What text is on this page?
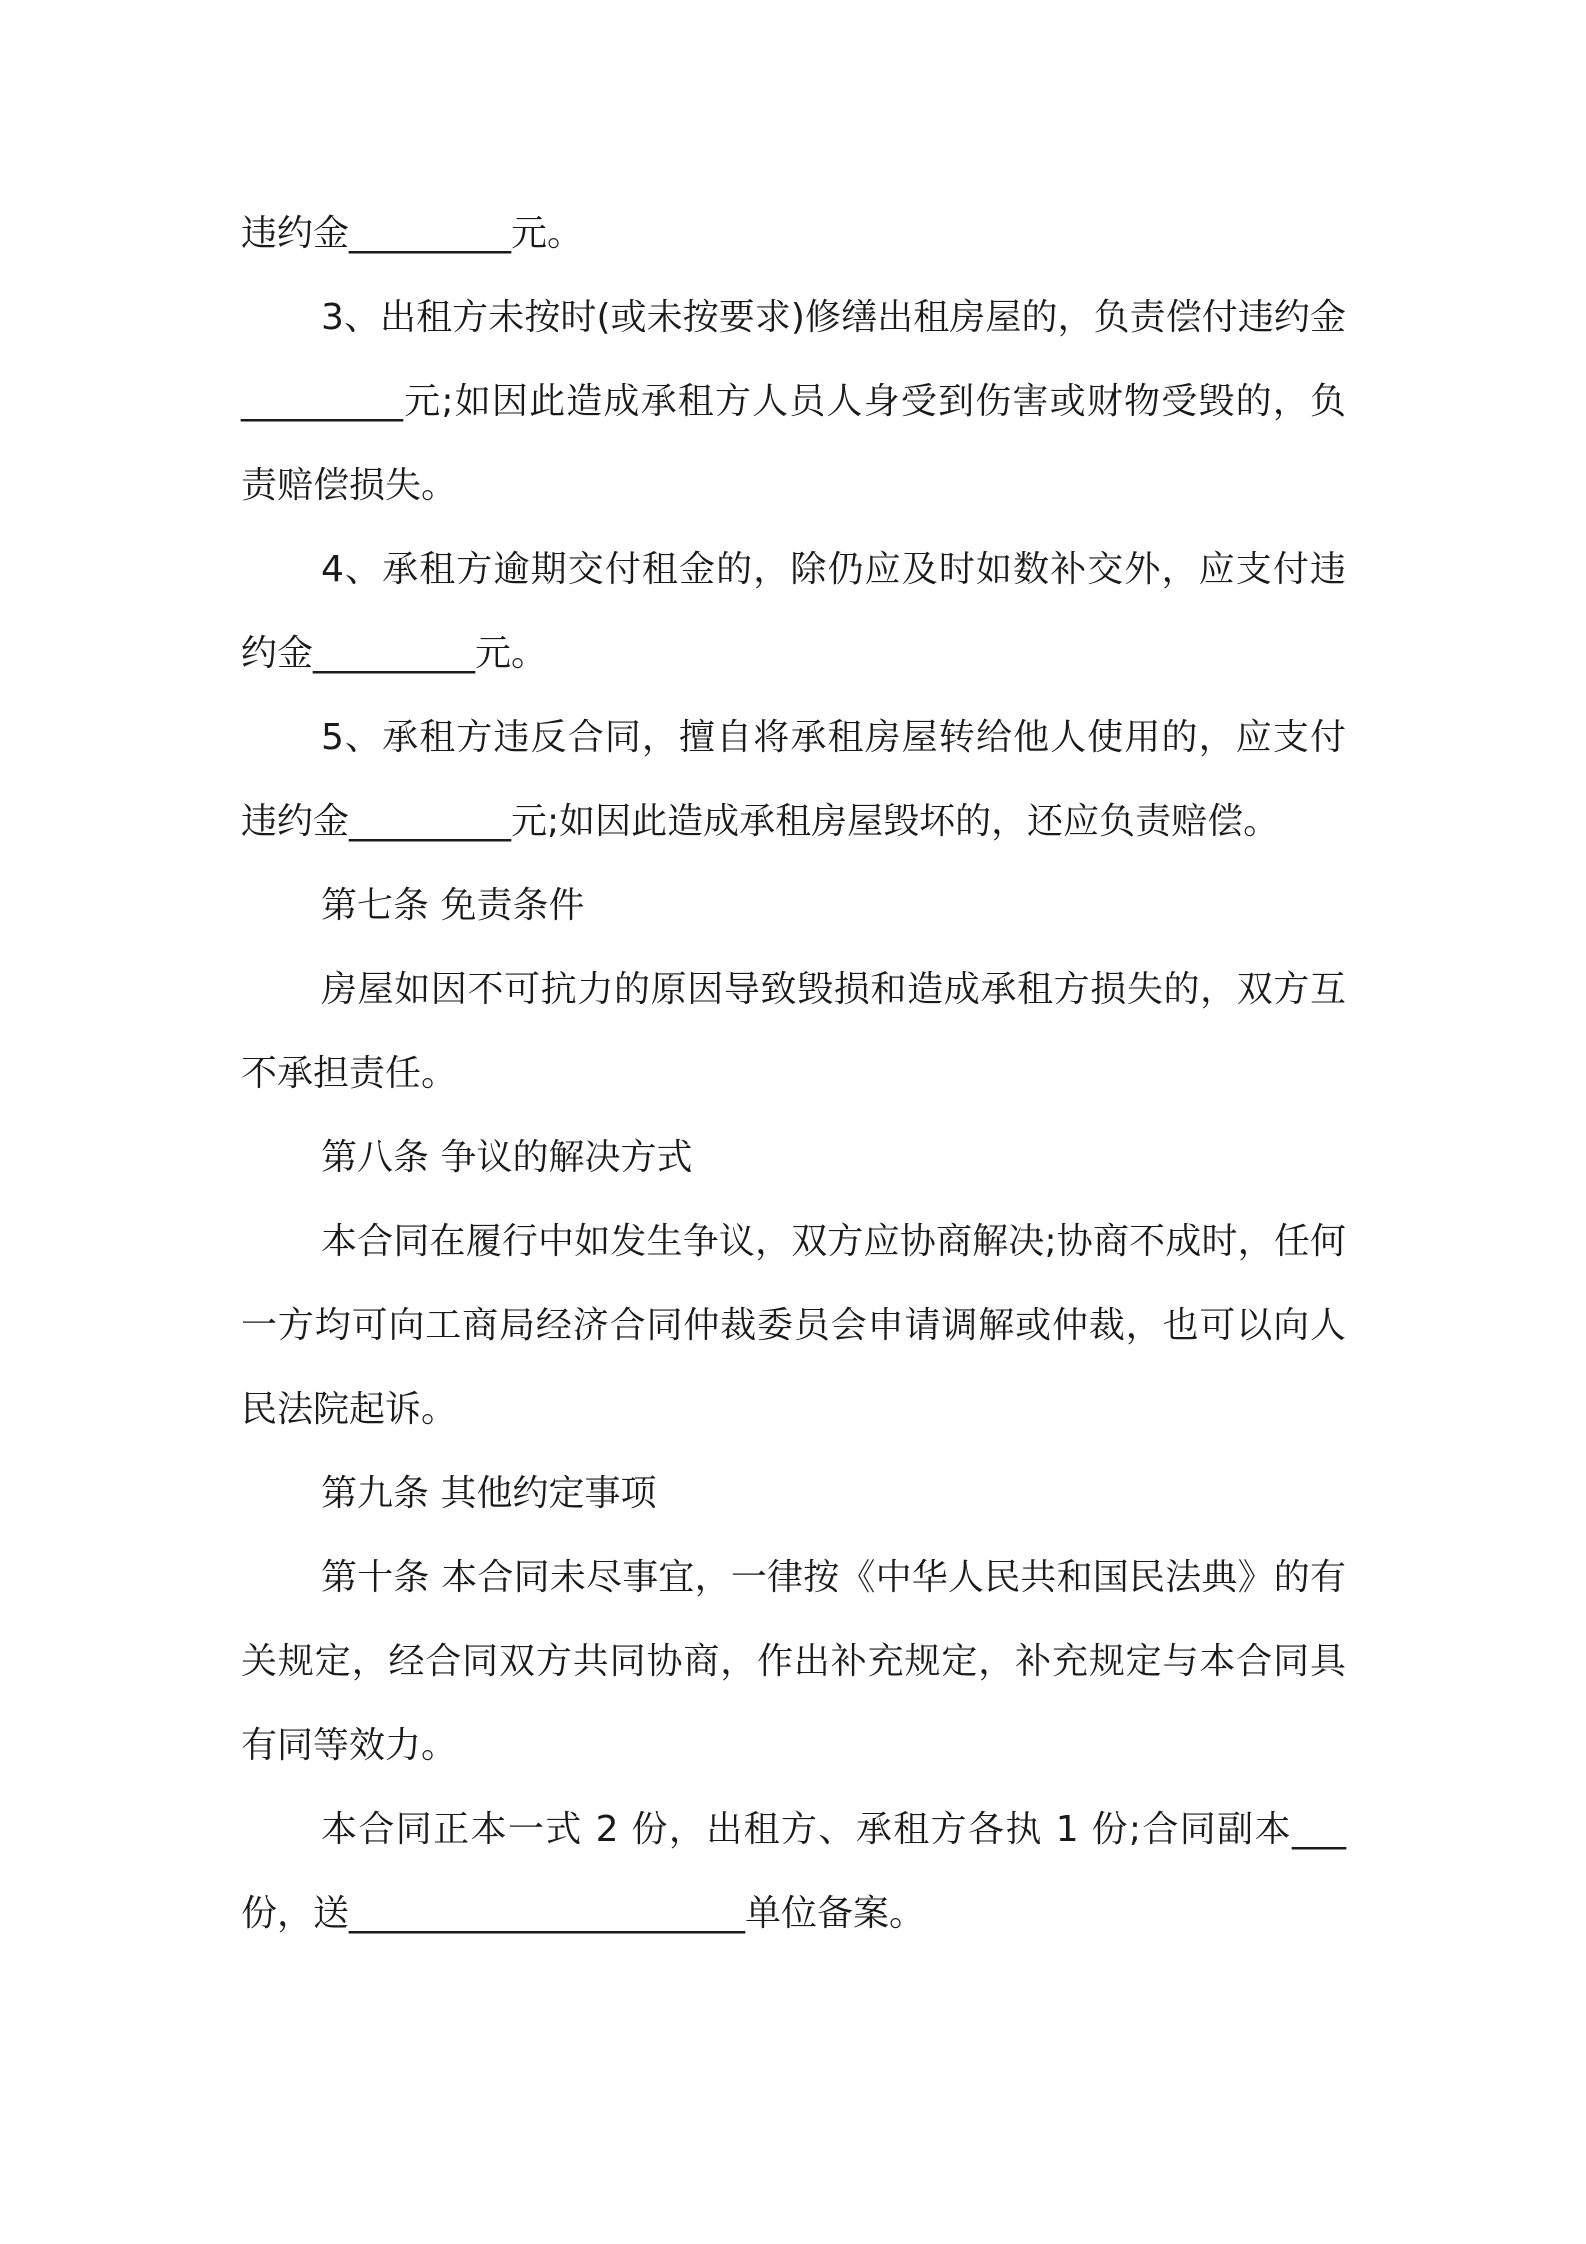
违约金_________元。

3、出租方未按时(或未按要求)修缮出租房屋的，负责偿付违约金_________元;如因此造成承租方人员人身受到伤害或财物受毁的，负责赔偿损失。

4、承租方逾期交付租金的，除仍应及时如数补交外，应支付违约金_________元。

5、承租方违反合同，擅自将承租房屋转给他人使用的，应支付违约金_________元;如因此造成承租房屋毁坏的，还应负责赔偿。

第七条 免责条件

房屋如因不可抗力的原因导致毁损和造成承租方损失的，双方互不承担责任。

第八条 争议的解决方式

本合同在履行中如发生争议，双方应协商解决;协商不成时，任何一方均可向工商局经济合同仲裁委员会申请调解或仲裁，也可以向人民法院起诉。

第九条 其他约定事项

第十条 本合同未尽事宜，一律按《中华人民共和国民法典》的有关规定，经合同双方共同协商，作出补充规定，补充规定与本合同具有同等效力。

本合同正本一式 2 份，出租方、承租方各执 1 份;合同副本___份，送______________________单位备案。
